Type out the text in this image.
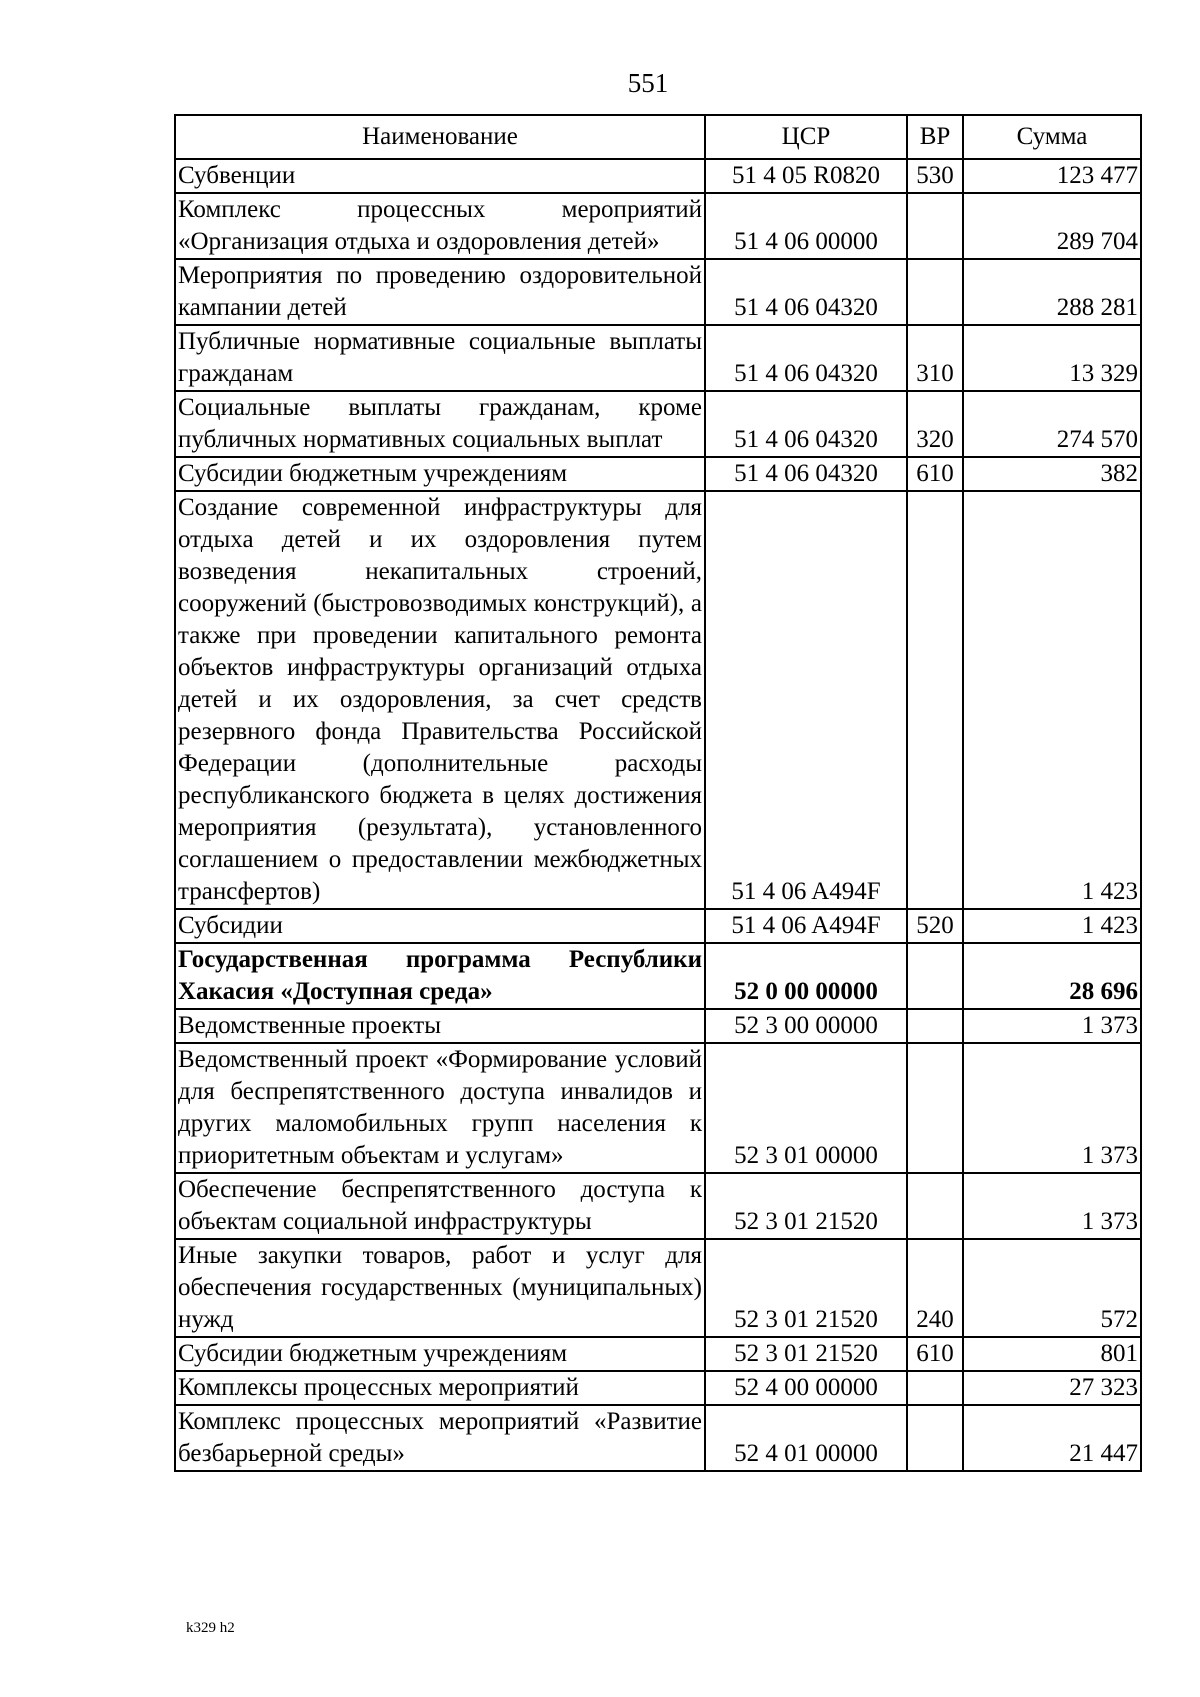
551
Наименование	ЦСР	ВР	Сумма
Субвенции	51 4 05 R0820	530	123 477
Комплекс процессных мероприятий «Организация отдыха и оздоровления детей»	51 4 06 00000		289 704
Мероприятия по проведению оздоровительной кампании детей	51 4 06 04320		288 281
Публичные нормативные социальные выплаты гражданам	51 4 06 04320	310	13 329
Социальные выплаты гражданам, кроме публичных нормативных социальных выплат	51 4 06 04320	320	274 570
Субсидии бюджетным учреждениям	51 4 06 04320	610	382
Создание современной инфраструктуры для отдыха детей и их оздоровления путем возведения некапитальных строений, сооружений (быстровозводимых конструкций), а также при проведении капитального ремонта объектов инфраструктуры организаций отдыха детей и их оздоровления, за счет средств резервного фонда Правительства Российской Федерации (дополнительные расходы республиканского бюджета в целях достижения мероприятия (результата), установленного соглашением о предоставлении межбюджетных трансфертов)	51 4 06 A494F		1 423
Субсидии	51 4 06 A494F	520	1 423
Государственная программа Республики Хакасия «Доступная среда»	52 0 00 00000		28 696
Ведомственные проекты	52 3 00 00000		1 373
Ведомственный проект «Формирование условий для беспрепятственного доступа инвалидов и других маломобильных групп населения к приоритетным объектам и услугам»	52 3 01 00000		1 373
Обеспечение беспрепятственного доступа к объектам социальной инфраструктуры	52 3 01 21520		1 373
Иные закупки товаров, работ и услуг для обеспечения государственных (муниципальных) нужд	52 3 01 21520	240	572
Субсидии бюджетным учреждениям	52 3 01 21520	610	801
Комплексы процессных мероприятий	52 4 00 00000		27 323
Комплекс процессных мероприятий «Развитие безбарьерной среды»	52 4 01 00000		21 447
k329 h2
